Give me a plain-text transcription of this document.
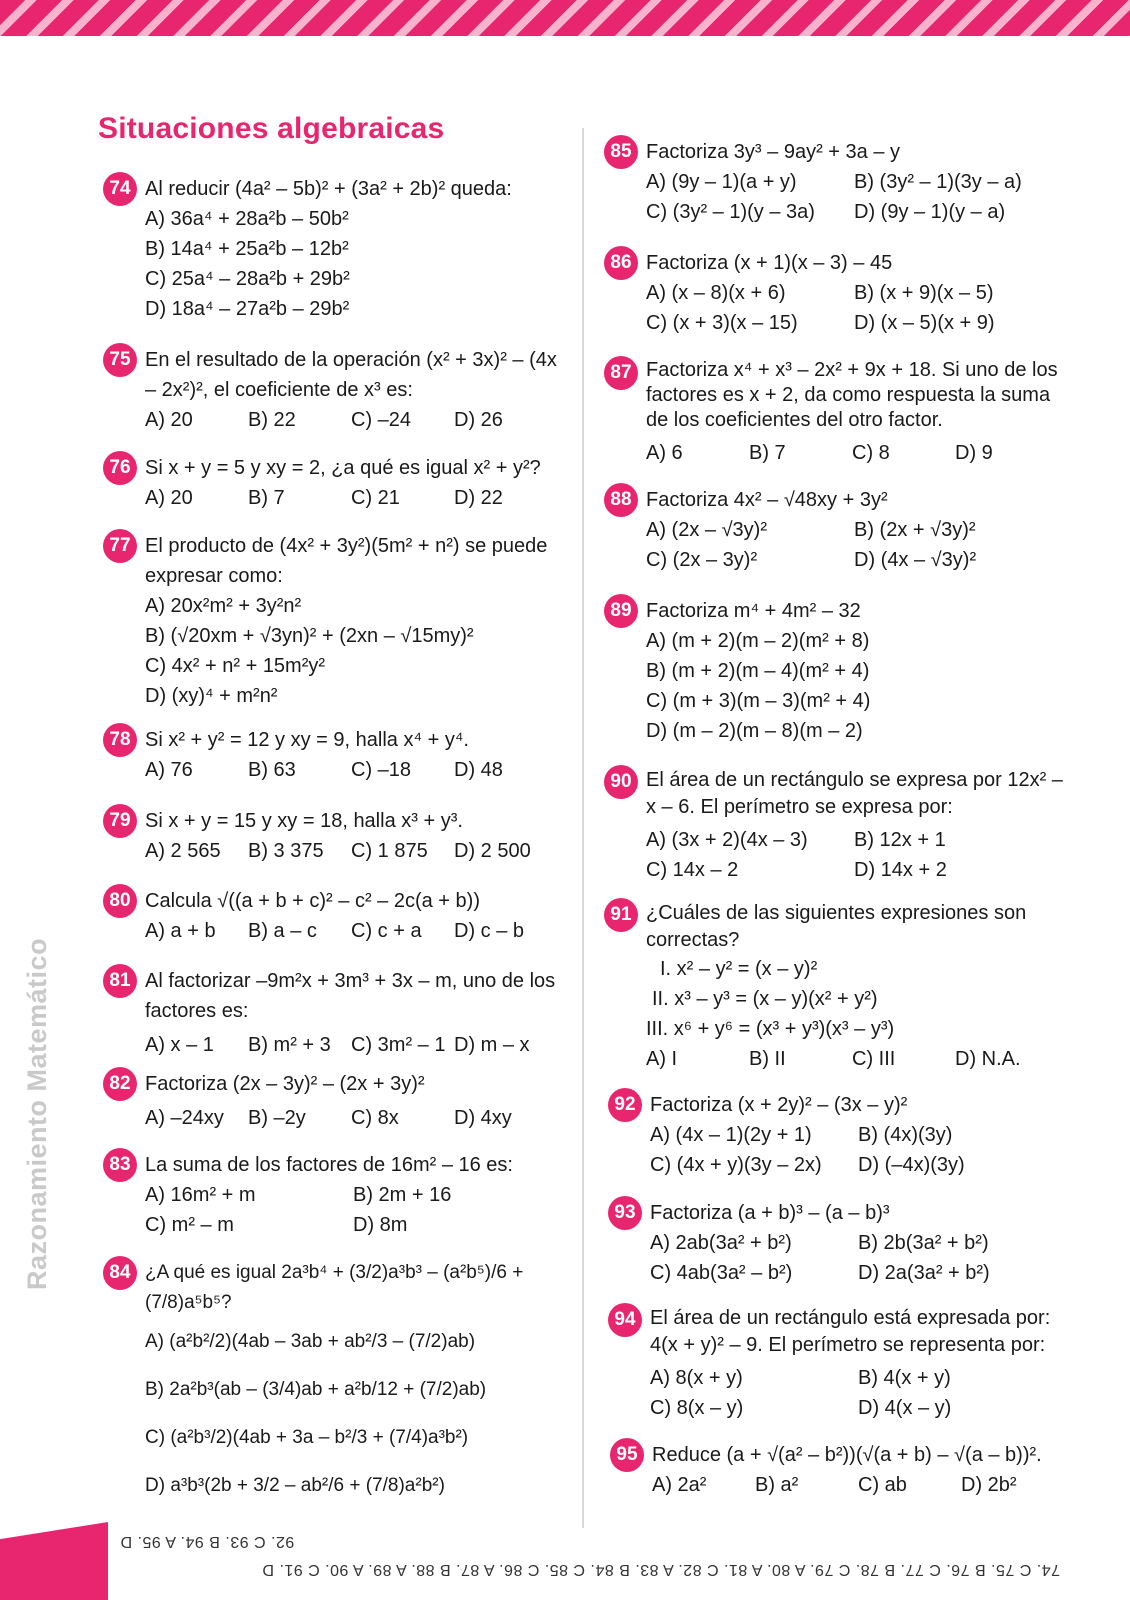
Razonamiento Matemático
Situaciones algebraicas
74 Al reducir (4a² – 5b)² + (3a² + 2b)² queda:
A) 36a⁴ + 28a²b – 50b²
B) 14a⁴ + 25a²b – 12b²
C) 25a⁴ – 28a²b + 29b²
D) 18a⁴ – 27a²b – 29b²
75 En el resultado de la operación (x² + 3x)² – (4x – 2x²)², el coeficiente de x³ es:
A) 20	B) 22	C) –24 D) 26
76 Si x + y = 5 y xy = 2, ¿a qué es igual x² + y²?
A) 20	B) 7	C) 21	D) 22
77 El producto de (4x² + 3y²)(5m² + n²) se puede expresar como:
A) 20x²m² + 3y²n²
B) (√20xm + √3yn)² + (2xn – √15my)²
C) 4x² + n² + 15m²y²
D) (xy)⁴ + m²n²
78 Si x² + y² = 12 y xy = 9, halla x⁴ + y⁴.
A) 76	B) 63	C) –18 D) 48
79 Si x + y = 15 y xy = 18, halla x³ + y³.
A) 2 565 B) 3 375 C) 1 875 D) 2 500
80 Calcula √((a + b + c)² – c² – 2c(a + b))
A) a + b B) a – c C) c + a D) c – b
81 Al factorizar –9m²x + 3m³ + 3x – m, uno de los factores es:
A) x – 1 B) m² + 3 C) 3m² – 1 D) m – x
82 Factoriza (2x – 3y)² – (2x + 3y)²
A) –24xy B) –2y C) 8x	D) 4xy
83 La suma de los factores de 16m² – 16 es:
A) 16m² + m	B) 2m + 16
C) m² – m	D) 8m
84 ¿A qué es igual 2a³b⁴ + (3/2)a³b³ – (a²b⁵)/6 + (7/8)a⁵b⁵?
A) (a²b²/2)(4ab – 3ab + ab²/3 – (7/2)ab)
B) 2a²b³(ab – (3/4)ab + a²b/12 + (7/2)ab)
C) (a²b³/2)(4ab + 3a – b²/3 + (7/4)a³b²)
D) a³b³(2b + 3/2 – ab²/6 + (7/8)a²b²)
85 Factoriza 3y³ – 9ay² + 3a – y
A) (9y – 1)(a + y)	B) (3y² – 1)(3y – a)
C) (3y² – 1)(y – 3a) D) (9y – 1)(y – a)
86 Factoriza (x + 1)(x – 3) – 45
A) (x – 8)(x + 6)	B) (x + 9)(x – 5)
C) (x + 3)(x – 15)	D) (x – 5)(x + 9)
87 Factoriza x⁴ + x³ – 2x² + 9x + 18. Si uno de los factores es x + 2, da como respuesta la suma de los coeficientes del otro factor.
A) 6	B) 7	C) 8	D) 9
88 Factoriza 4x² – √48xy + 3y²
A) (2x – √3y)²	B) (2x + √3y)²
C) (2x – 3y)²	D) (4x – √3y)²
89 Factoriza m⁴ + 4m² – 32
A) (m + 2)(m – 2)(m² + 8)
B) (m + 2)(m – 4)(m² + 4)
C) (m + 3)(m – 3)(m² + 4)
D) (m – 2)(m – 8)(m – 2)
90 El área de un rectángulo se expresa por 12x² – x – 6. El perímetro se expresa por:
A) (3x + 2)(4x – 3) B) 12x + 1
C) 14x – 2	D) 14x + 2
91 ¿Cuáles de las siguientes expresiones son correctas?
I. x² – y² = (x – y)²
II. x³ – y³ = (x – y)(x² + y²)
III. x⁶ + y⁶ = (x³ + y³)(x³ – y³)
A) I	B) II	C) III	D) N.A.
92 Factoriza (x + 2y)² – (3x – y)²
A) (4x – 1)(2y + 1) B) (4x)(3y)
C) (4x + y)(3y – 2x) D) (–4x)(3y)
93 Factoriza (a + b)³ – (a – b)³
A) 2ab(3a² + b²)	B) 2b(3a² + b²)
C) 4ab(3a² – b²)	D) 2a(3a² + b²)
94 El área de un rectángulo está expresada por: 4(x + y)² – 9. El perímetro se representa por:
A) 8(x + y)	B) 4(x + y)
C) 8(x – y)	D) 4(x – y)
95 Reduce (a + √(a² – b²))(√(a + b) – √(a – b))².
A) 2a² B) a²	C) ab	D) 2b²
92. C 93. B 94. A 95. D
74. C 75. B 76. C 77. B 78. C 79. A 80. A 81. C 82. A 83. B 84. C 85. C 86. A 87. B 88. A 89. A 90. C 91. D
